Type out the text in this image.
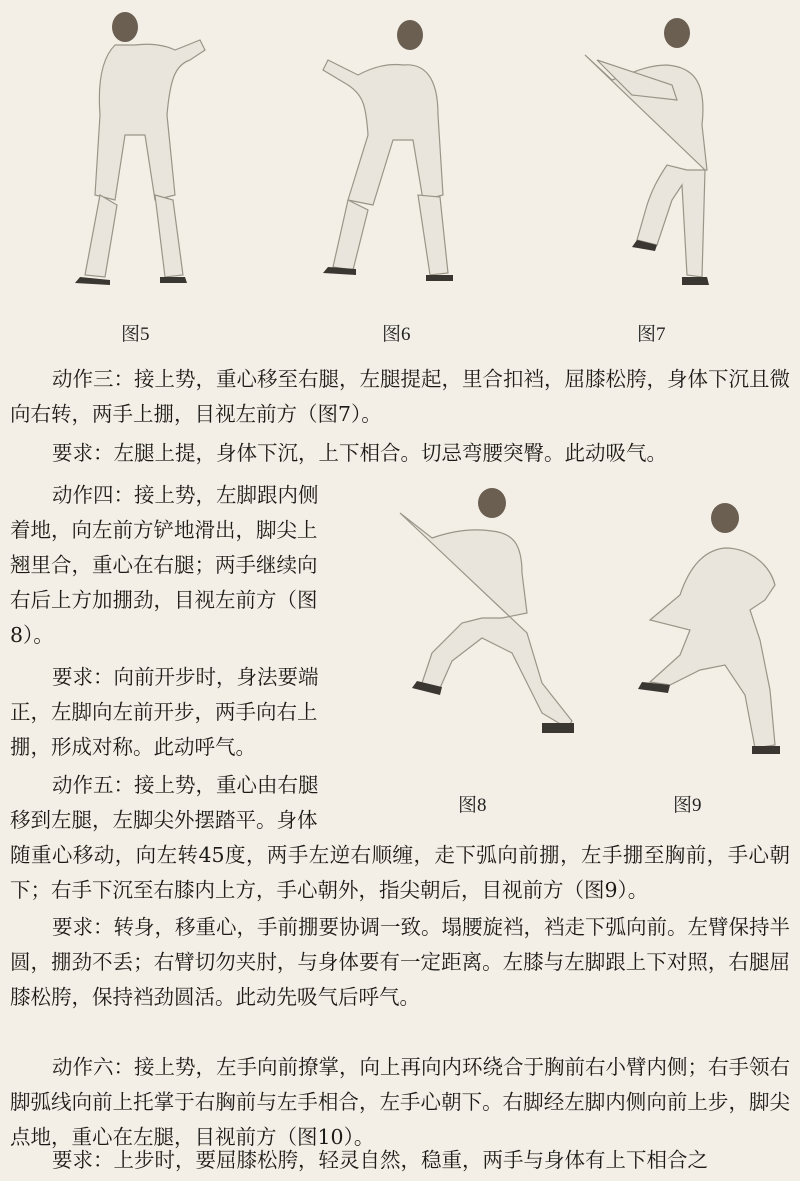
图5	图6	图7
图8	图9
动作三：接上势，重心移至右腿，左腿提起，里合扣裆，屈膝松胯，身体下沉且微向右转，两手上掤，目视左前方（图7）。
要求：左腿上提，身体下沉，上下相合。切忌弯腰突臀。此动吸气。
动作四：接上势，左脚跟内侧
着地，向左前方铲地滑出，脚尖上
翘里合，重心在右腿；两手继续向
右后上方加掤劲，目视左前方（图
8）。
要求：向前开步时，身法要端
正，左脚向左前开步，两手向右上
掤，形成对称。此动呼气。
动作五：接上势，重心由右腿
移到左腿，左脚尖外摆踏平。身体
随重心移动，向左转45度，两手左逆右顺缠，走下弧向前掤，左手掤至胸前，手心朝下；右手下沉至右膝内上方，手心朝外，指尖朝后，目视前方（图9）。
要求：转身，移重心，手前掤要协调一致。塌腰旋裆，裆走下弧向前。左臂保持半圆，掤劲不丢；右臂切勿夹肘，与身体要有一定距离。左膝与左脚跟上下对照，右腿屈膝松胯，保持裆劲圆活。此动先吸气后呼气。
动作六：接上势，左手向前撩掌，向上再向内环绕合于胸前右小臂内侧；右手领右脚弧线向前上托掌于右胸前与左手相合，左手心朝下。右脚经左脚内侧向前上步，脚尖点地，重心在左腿，目视前方（图10）。
要求：上步时，要屈膝松胯，轻灵自然，稳重，两手与身体有上下相合之
